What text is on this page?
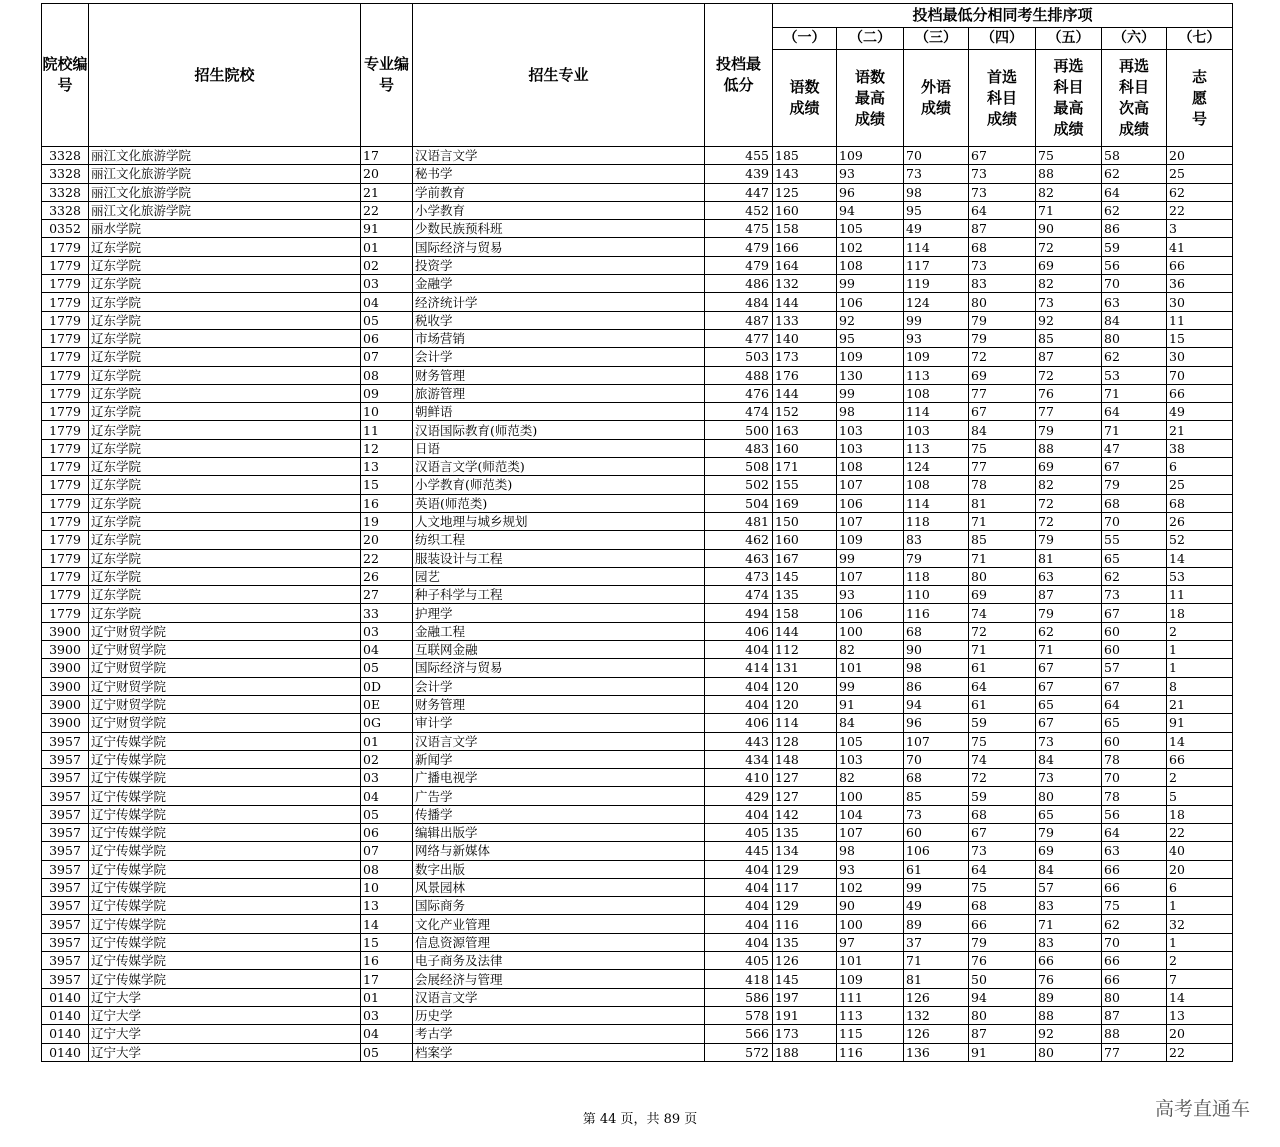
院校编号	招生院校	专业编号	招生专业	投档最低分	投档最低分相同考生排序项						
					（一）	（二）	（三）	（四）	（五）	（六）	（七）
					语数成绩	语数最高成绩	外语成绩	首选科目成绩	再选科目最高成绩	再选科目次高成绩	志愿号
3328	丽江文化旅游学院	17	汉语言文学	455	185	109	70	67	75	58	20
3328	丽江文化旅游学院	20	秘书学	439	143	93	73	73	88	62	25
3328	丽江文化旅游学院	21	学前教育	447	125	96	98	73	82	64	62
3328	丽江文化旅游学院	22	小学教育	452	160	94	95	64	71	62	22
0352	丽水学院	91	少数民族预科班	475	158	105	49	87	90	86	3
1779	辽东学院	01	国际经济与贸易	479	166	102	114	68	72	59	41
1779	辽东学院	02	投资学	479	164	108	117	73	69	56	66
1779	辽东学院	03	金融学	486	132	99	119	83	82	70	36
1779	辽东学院	04	经济统计学	484	144	106	124	80	73	63	30
1779	辽东学院	05	税收学	487	133	92	99	79	92	84	11
1779	辽东学院	06	市场营销	477	140	95	93	79	85	80	15
1779	辽东学院	07	会计学	503	173	109	109	72	87	62	30
1779	辽东学院	08	财务管理	488	176	130	113	69	72	53	70
1779	辽东学院	09	旅游管理	476	144	99	108	77	76	71	66
1779	辽东学院	10	朝鲜语	474	152	98	114	67	77	64	49
1779	辽东学院	11	汉语国际教育(师范类)	500	163	103	103	84	79	71	21
1779	辽东学院	12	日语	483	160	103	113	75	88	47	38
1779	辽东学院	13	汉语言文学(师范类)	508	171	108	124	77	69	67	6
1779	辽东学院	15	小学教育(师范类)	502	155	107	108	78	82	79	25
1779	辽东学院	16	英语(师范类)	504	169	106	114	81	72	68	68
1779	辽东学院	19	人文地理与城乡规划	481	150	107	118	71	72	70	26
1779	辽东学院	20	纺织工程	462	160	109	83	85	79	55	52
1779	辽东学院	22	服装设计与工程	463	167	99	79	71	81	65	14
1779	辽东学院	26	园艺	473	145	107	118	80	63	62	53
1779	辽东学院	27	种子科学与工程	474	135	93	110	69	87	73	11
1779	辽东学院	33	护理学	494	158	106	116	74	79	67	18
3900	辽宁财贸学院	03	金融工程	406	144	100	68	72	62	60	2
3900	辽宁财贸学院	04	互联网金融	404	112	82	90	71	71	60	1
3900	辽宁财贸学院	05	国际经济与贸易	414	131	101	98	61	67	57	1
3900	辽宁财贸学院	0D	会计学	404	120	99	86	64	67	67	8
3900	辽宁财贸学院	0E	财务管理	404	120	91	94	61	65	64	21
3900	辽宁财贸学院	0G	审计学	406	114	84	96	59	67	65	91
3957	辽宁传媒学院	01	汉语言文学	443	128	105	107	75	73	60	14
3957	辽宁传媒学院	02	新闻学	434	148	103	70	74	84	78	66
3957	辽宁传媒学院	03	广播电视学	410	127	82	68	72	73	70	2
3957	辽宁传媒学院	04	广告学	429	127	100	85	59	80	78	5
3957	辽宁传媒学院	05	传播学	404	142	104	73	68	65	56	18
3957	辽宁传媒学院	06	编辑出版学	405	135	107	60	67	79	64	22
3957	辽宁传媒学院	07	网络与新媒体	445	134	98	106	73	69	63	40
3957	辽宁传媒学院	08	数字出版	404	129	93	61	64	84	66	20
3957	辽宁传媒学院	10	风景园林	404	117	102	99	75	57	66	6
3957	辽宁传媒学院	13	国际商务	404	129	90	49	68	83	75	1
3957	辽宁传媒学院	14	文化产业管理	404	116	100	89	66	71	62	32
3957	辽宁传媒学院	15	信息资源管理	404	135	97	37	79	83	70	1
3957	辽宁传媒学院	16	电子商务及法律	405	126	101	71	76	66	66	2
3957	辽宁传媒学院	17	会展经济与管理	418	145	109	81	50	76	66	7
0140	辽宁大学	01	汉语言文学	586	197	111	126	94	89	80	14
0140	辽宁大学	03	历史学	578	191	113	132	80	88	87	13
0140	辽宁大学	04	考古学	566	173	115	126	87	92	88	20
0140	辽宁大学	05	档案学	572	188	116	136	91	80	77	22
第 44 页，共 89 页	高考直通车
